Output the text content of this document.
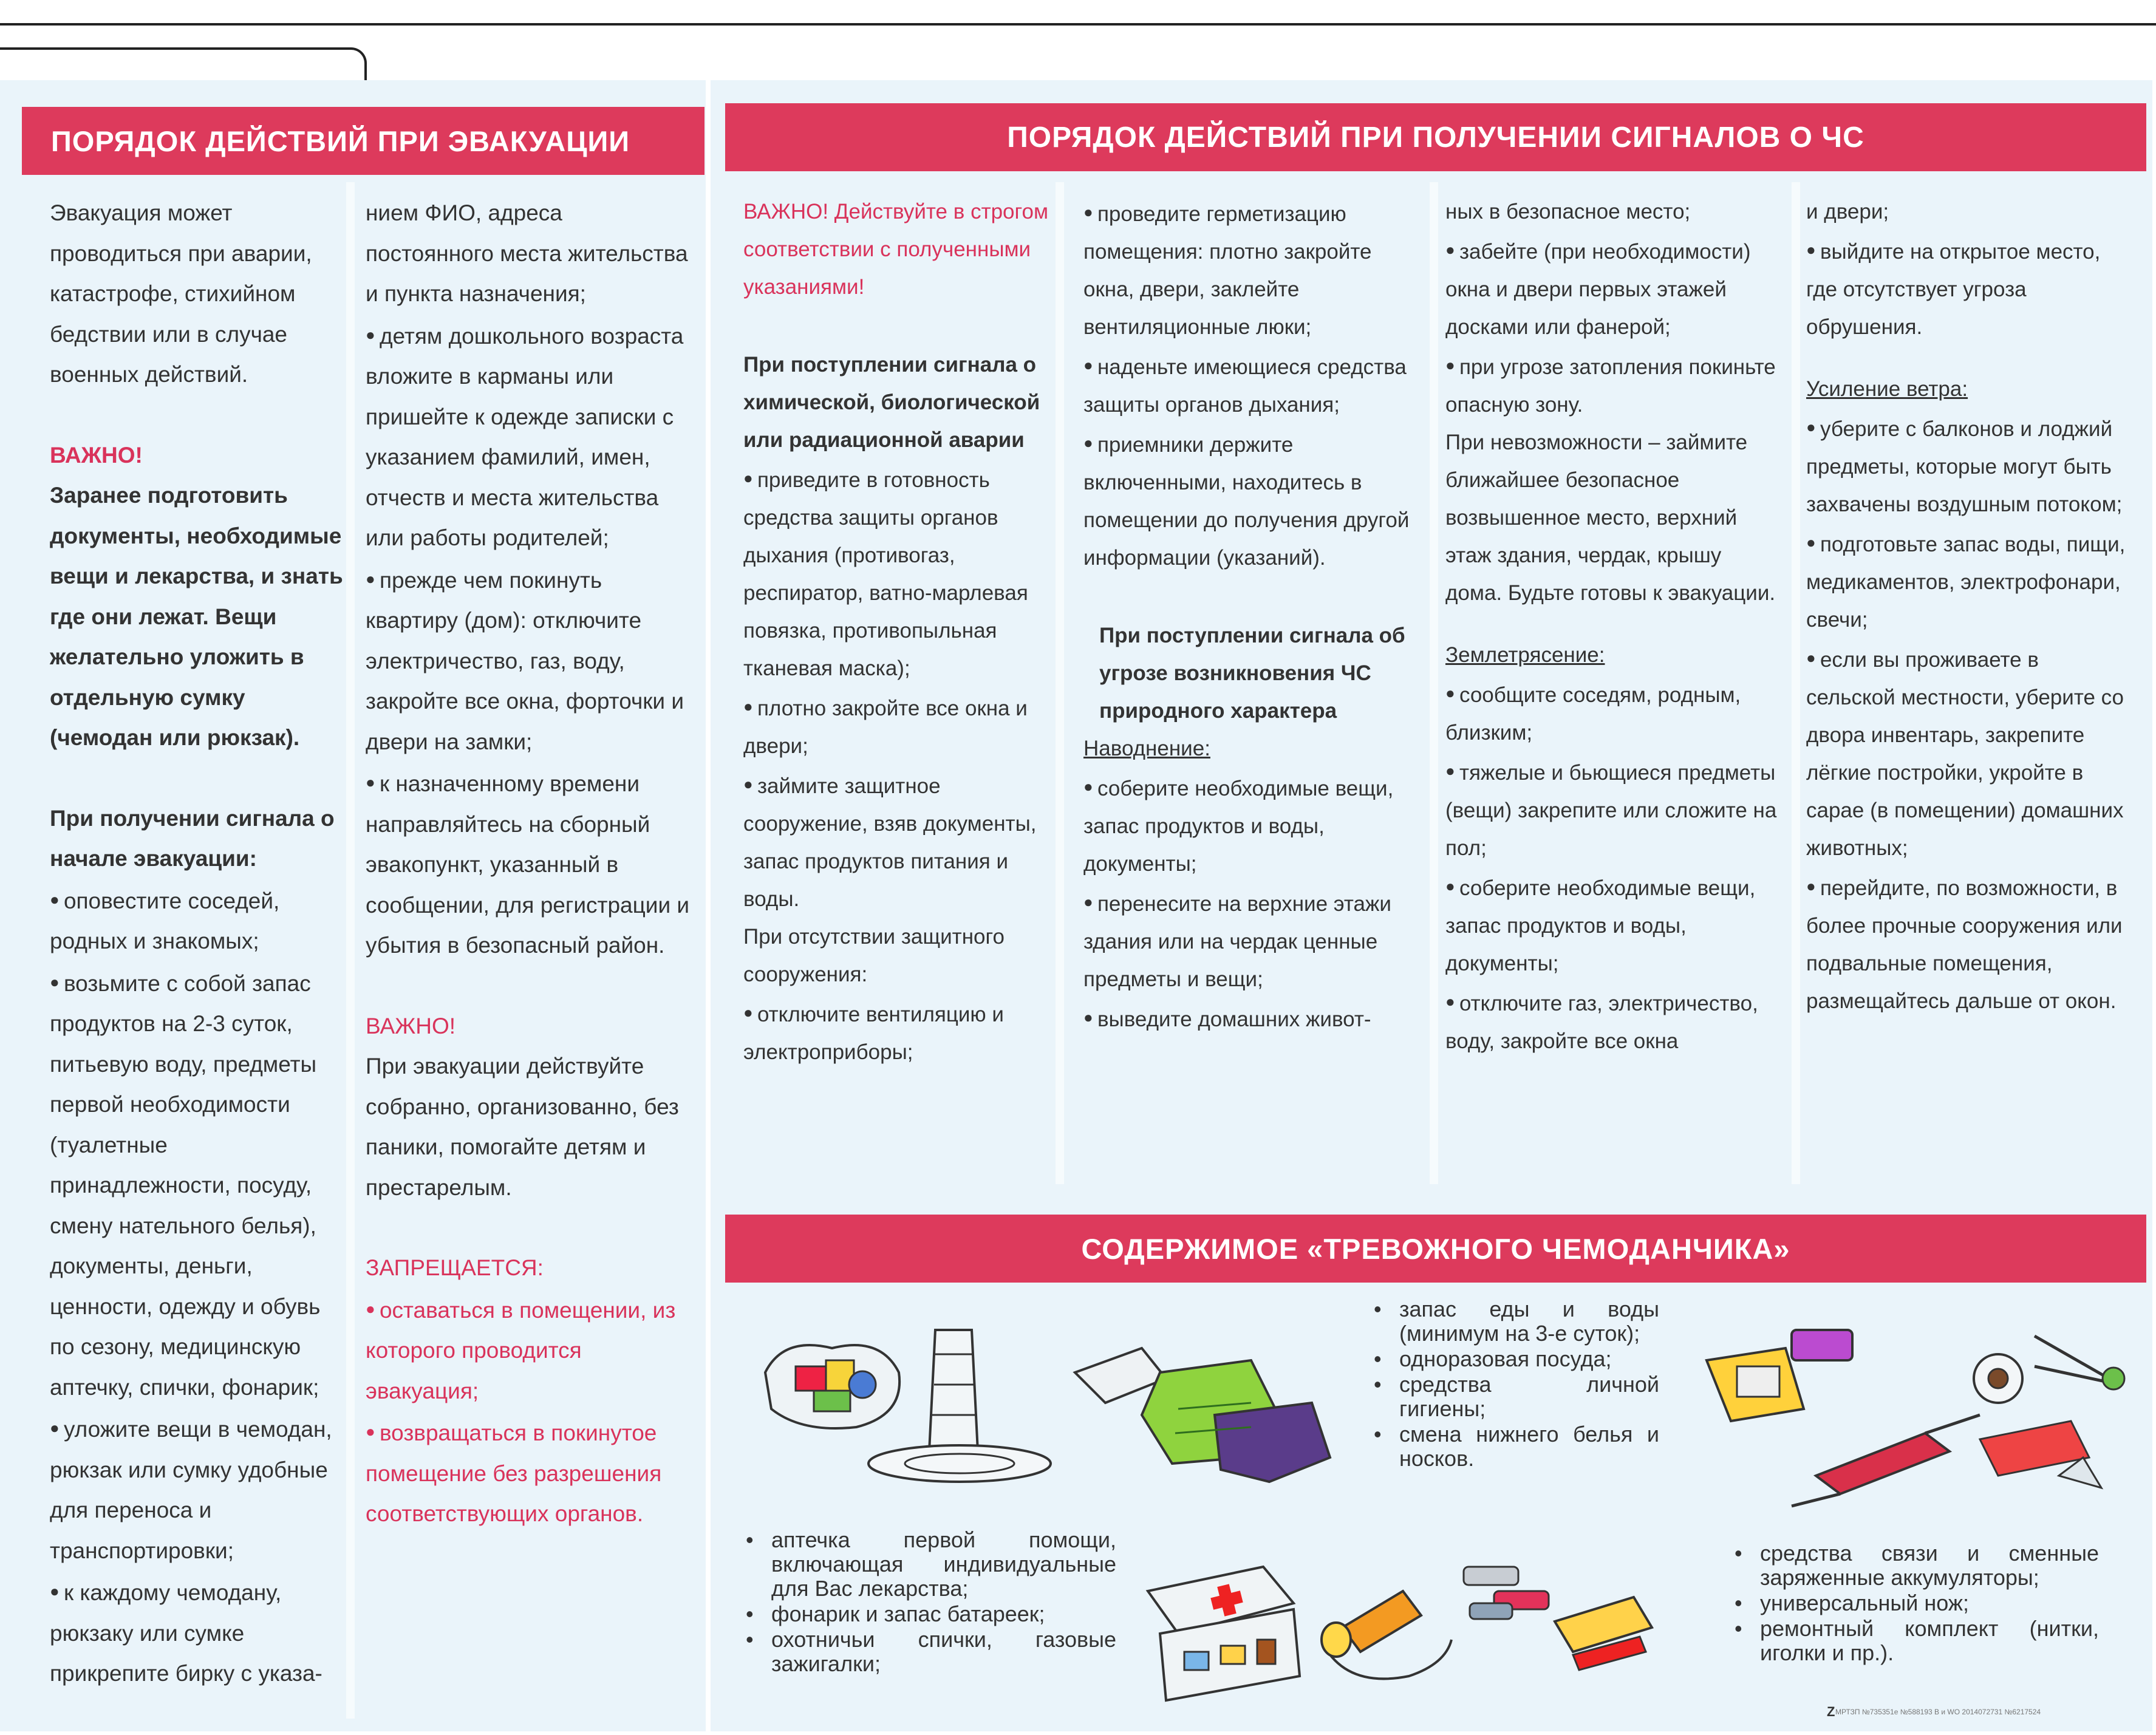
ПОРЯДОК ДЕЙСТВИЙ ПРИ ЭВАКУАЦИИ

Эвакуация может проводиться при аварии, катастрофе, стихийном бедствии или в случае военных действий.

ВАЖНО!

Заранее подготовить документы, необходимые вещи и лекарства, и знать где они лежат. Вещи желательно уложить в отдельную сумку (чемодан или рюкзак).

При получении сигнала о начале эвакуации:

● оповестите соседей, родных и знакомых;

● возьмите с собой запас продуктов на 2-3 суток, питьевую воду, предметы первой необходимости (туалетные принадлежности, посуду, смену нательного белья), документы, деньги, ценности, одежду и обувь по сезону, медицинскую аптечку, спички, фонарик;

● уложите вещи в чемодан, рюкзак или сумку удобные для переноса и транспортировки;

● к каждому чемодану, рюкзаку или сумке прикрепите бирку с указа-

нием ФИО, адреса постоянного места жительства и пункта назначения;

● детям дошкольного возраста вложите в карманы или пришейте к одежде записки с указанием фамилий, имен, отчеств и места жительства или работы родителей;

● прежде чем покинуть квартиру (дом): отключите электричество, газ, воду, закройте все окна, форточки и двери на замки;

● к назначенному времени направляйтесь на сборный эвакопункт, указанный в сообщении, для регистрации и убытия в безопасный район.

ВАЖНО!

При эвакуации действуйте собранно, организованно, без паники, помогайте детям и престарелым.

ЗАПРЕЩАЕТСЯ:

● оставаться в помещении, из которого проводится эвакуация;

● возвращаться в покинутое помещение без разрешения соответствующих органов.

ПОРЯДОК ДЕЙСТВИЙ ПРИ ПОЛУЧЕНИИ СИГНАЛОВ О ЧС

ВАЖНО! Действуйте в строгом соответствии с полученными указаниями!

При поступлении сигнала о химической, биологической или радиационной аварии

● приведите в готовность средства защиты органов дыхания (противогаз, респиратор, ватно-марлевая повязка, противопыльная тканевая маска);

● плотно закройте все окна и двери;

● займите защитное сооружение, взяв документы, запас продуктов питания и воды.

При отсутствии защитного сооружения:

● отключите вентиляцию и электроприборы;

● проведите герметизацию помещения: плотно закройте окна, двери, заклейте вентиляционные люки;

● наденьте имеющиеся средства защиты органов дыхания;

● приемники держите включенными, находитесь в помещении до получения другой информации (указаний).

При поступлении сигнала об угрозе возникновения ЧС природного характера

Наводнение:

● соберите необходимые вещи, запас продуктов и воды, документы;

● перенесите на верхние этажи здания или на чердак ценные предметы и вещи;

● выведите домашних живот-

ных в безопасное место;

● забейте (при необходимости) окна и двери первых этажей досками или фанерой;

● при угрозе затопления покиньте опасную зону.

При невозможности – займите ближайшее безопасное возвышенное место, верхний этаж здания, чердак, крышу дома. Будьте готовы к эвакуации.

Землетрясение:

● сообщите соседям, родным, близким;

● тяжелые и бьющиеся предметы (вещи) закрепите или сложите на пол;

● соберите необходимые вещи, запас продуктов и воды, документы;

● отключите газ, электричество, воду, закройте все окна

и двери;

● выйдите на открытое место, где отсутствует угроза обрушения.

Усиление ветра:

● уберите с балконов и лоджий предметы, которые могут быть захвачены воздушным потоком;

● подготовьте запас воды, пищи, медикаментов, электрофонари, свечи;

● если вы проживаете в сельской местности, уберите со двора инвентарь, закрепите лёгкие постройки, укройте в сарае (в помещении) домашних животных;

● перейдите, по возможности, в более прочные сооружения или подвальные помещения, размещайтесь дальше от окон.

СОДЕРЖИМОЕ «ТРЕВОЖНОГО ЧЕМОДАНЧИКА»
• запас еды и воды (минимум на 3-е суток);
• одноразовая посуда;
• средства личной гигиены;
• смена нижнего белья и носков.
• аптечка первой помощи, включающая индивидуальные для Вас лекарства;
• фонарик и запас батареек;
• охотничьи спички, газовые зажигалки;
• средства связи и сменные заряженные аккумуляторы;
• универсальный нож;
• ремонтный комплект (нитки, иголки и пр.).
Z МРТЗП №735351е №588193 В и WO 2014072731 №6217524
